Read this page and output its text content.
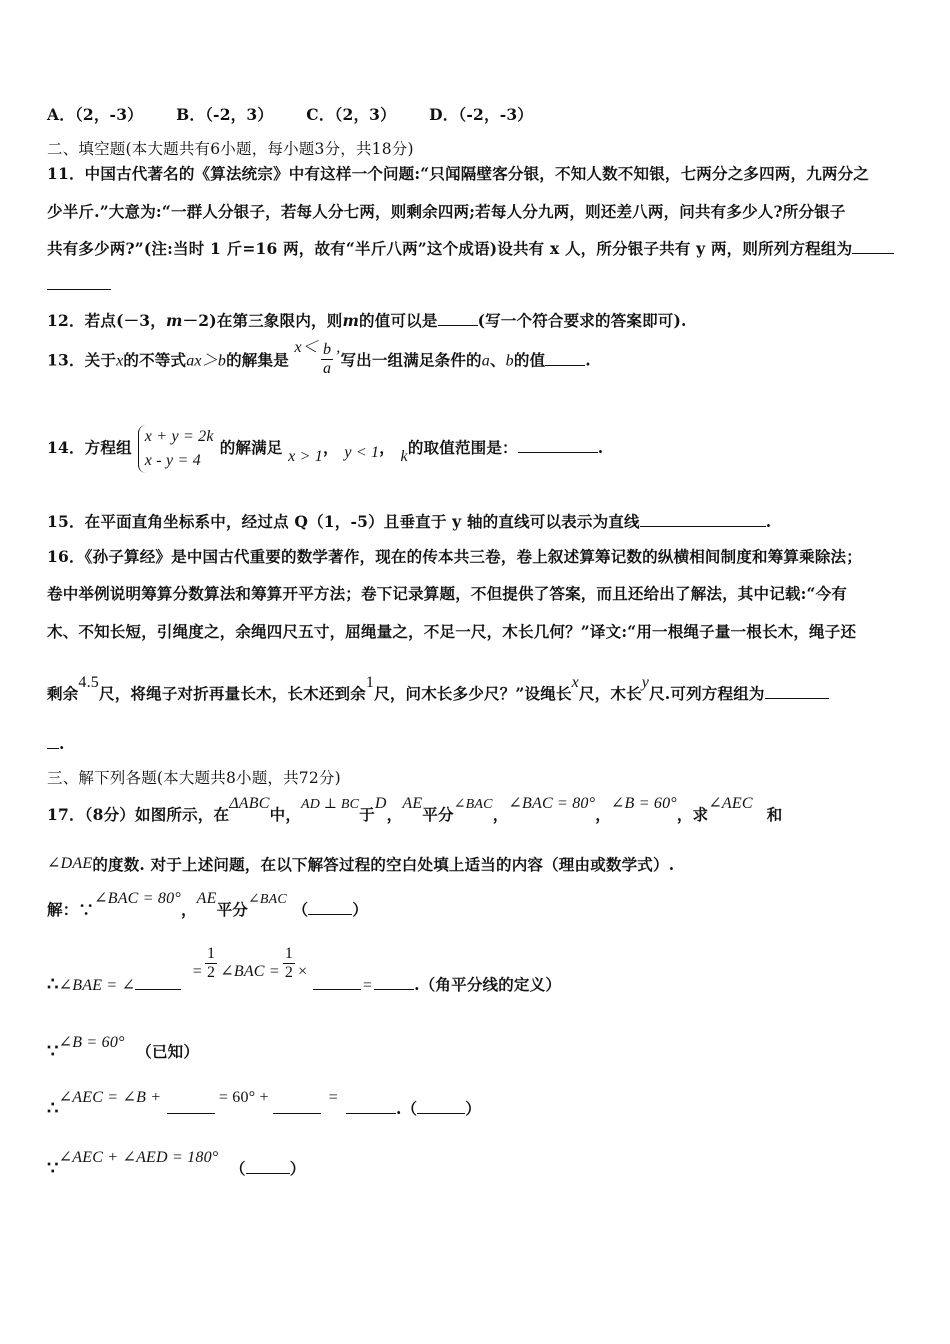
A．（2，-3） B．（-2，3） C．（2，3） D．（-2，-3）
二、填空题(本大题共有6小题，每小题3分，共18分)
11．中国古代著名的《算法统宗》中有这样一个问题:“只闻隔壁客分银，不知人数不知银，七两分之多四两，九两分之
少半斤.”大意为:“一群人分银子，若每人分七两，则剩余四两;若每人分九两，则还差八两，问共有多少人?所分银子
共有多少两?”(注:当时 1 斤=16 两，故有“半斤八两”这个成语)设共有 x 人，所分银子共有 y 两，则所列方程组为
12．若点(－3，m－2)在第三象限内，则m的值可以是	(写一个符合要求的答案即可).
13．关于x的不等式ax＞b的解集是 $x< \frac{b}{a}$ ,写出一组满足条件的a、b的值	.
14．方程组
x + y = 2k
x - y = 4
的解满足 x > 1， y < 1， k的取值范围是：	.
15．在平面直角坐标系中，经过点 Q（1，-5）且垂直于 y 轴的直线可以表示为直线	.
16．《孙子算经》是中国古代重要的数学著作，现在的传本共三卷，卷上叙述算筹记数的纵横相间制度和筹算乘除法；
卷中举例说明筹算分数算法和筹算开平方法；卷下记录算题，不但提供了答案，而且还给出了解法，其中记载:“今有
木、不知长短，引绳度之，余绳四尺五寸，屈绳量之，不足一尺，木长几何？”译文:“用一根绳子量一根长木，绳子还
剩余4.5尺，将绳子对折再量长木，长木还到余1尺，问木长多少尺？”设绳长x尺，木长y尺.可列方程组为
.
三、解下列各题(本大题共8小题，共72分)
17．（8分）如图所示，在ΔABC中，AD ⊥ BC于D，AE平分∠BAC，∠BAC = 80°，∠B = 60°，求∠AEC和
∠DAE的度数. 对于上述问题，在以下解答过程的空白处填上适当的内容（理由或数学式）.
解：∵∠BAC = 80°，AE平分∠BAC （	）
∴∠BAE = ∠ = $\frac{1}{2}$ ∠BAC = $\frac{1}{2}$ × =	.（角平分线的定义）
∵∠B = 60° （已知）
∴∠AEC = ∠B +	= 60° +	=.（	）
∵∠AEC + ∠AED = 180° （	）
